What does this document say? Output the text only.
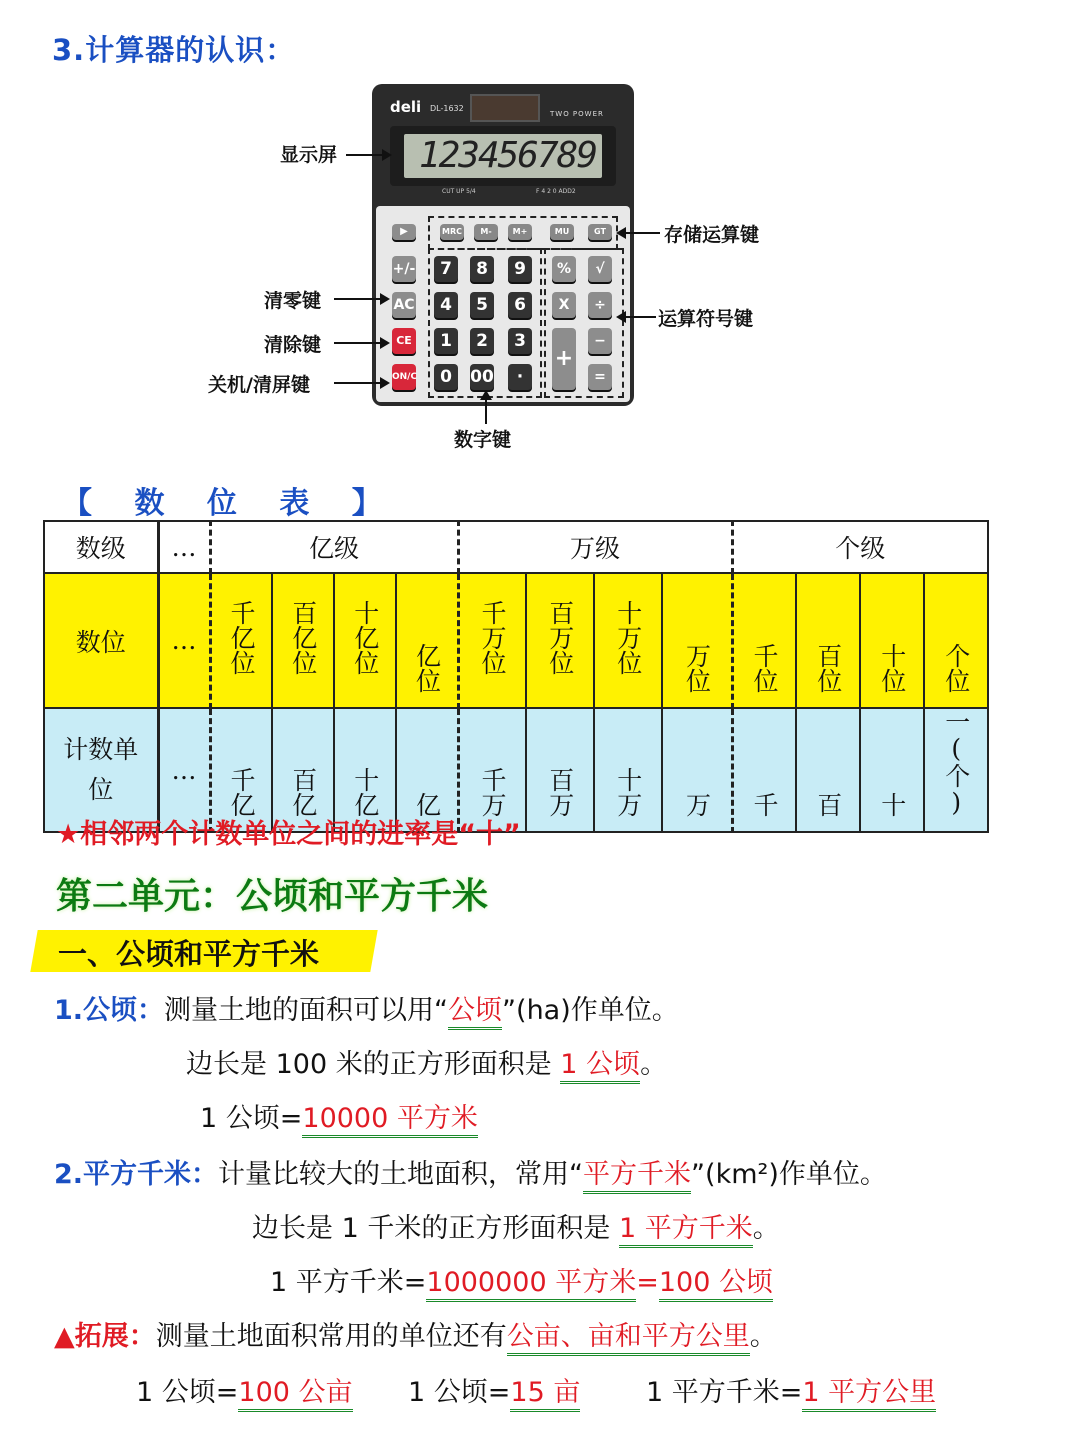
3.计算器的认识：
deli DL-1632
TWO POWER
123456789
CUT UP 5/4	F 4 2 0 ADD2
MRC	M-	M+	MU	GT
▶
+/-
AC
CE
ON/C
7	8	9
4	5	6
1	2	3
0	00	·
%	√
X	÷
+
−
=
显示屏
存储运算键
清零键
运算符号键
清除键
关机/清屏键
数字键
【 数 位 表 】
数级	…	亿级				万级				个级			
数位	…	千亿位	百亿位	十亿位	亿位	千万位	百万位	十万位	万位	千位	百位	十位	个位
计数单位	…	千亿	百亿	十亿	亿	千万	百万	十万	万	千	百	十	一(个)
★相邻两个计数单位之间的进率是“十”
第二单元：公顷和平方千米
一、公顷和平方千米
1.公顷：测量土地的面积可以用“公顷”(ha)作单位。
边长是 100 米的正方形面积是 1 公顷。
1 公顷=10000 平方米
2.平方千米：计量比较大的土地面积，常用“平方千米”(km²)作单位。
边长是 1 千米的正方形面积是 1 平方千米。
1 平方千米=1000000 平方米=100 公顷
▲拓展：测量土地面积常用的单位还有公亩、亩和平方公里。
1 公顷=100 公亩 1 公顷=15 亩 1 平方千米=1 平方公里
